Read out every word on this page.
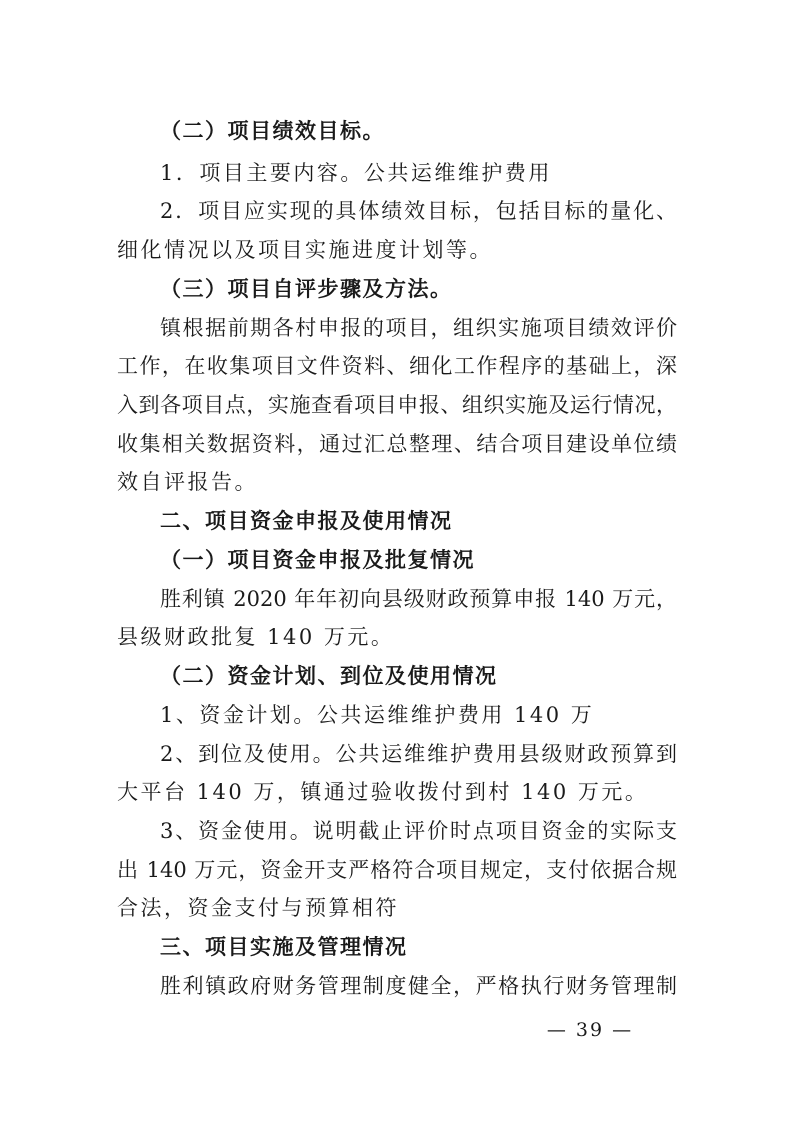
（二）项目绩效目标。
1．项目主要内容。公共运维维护费用
2．项目应实现的具体绩效目标，包括目标的量化、
细化情况以及项目实施进度计划等。
（三）项目自评步骤及方法。
镇根据前期各村申报的项目，组织实施项目绩效评价
工作，在收集项目文件资料、细化工作程序的基础上，深
入到各项目点，实施查看项目申报、组织实施及运行情况，
收集相关数据资料，通过汇总整理、结合项目建设单位绩
效自评报告。
二、项目资金申报及使用情况
（一）项目资金申报及批复情况
胜利镇 2020 年年初向县级财政预算申报 140 万元，
县级财政批复 140 万元。
（二）资金计划、到位及使用情况
1、资金计划。公共运维维护费用 140 万
2、到位及使用。公共运维维护费用县级财政预算到
大平台 140 万，镇通过验收拨付到村 140 万元。
3、资金使用。说明截止评价时点项目资金的实际支
出 140 万元，资金开支严格符合项目规定，支付依据合规
合法，资金支付与预算相符
三、项目实施及管理情况
胜利镇政府财务管理制度健全，严格执行财务管理制
— 39 —
